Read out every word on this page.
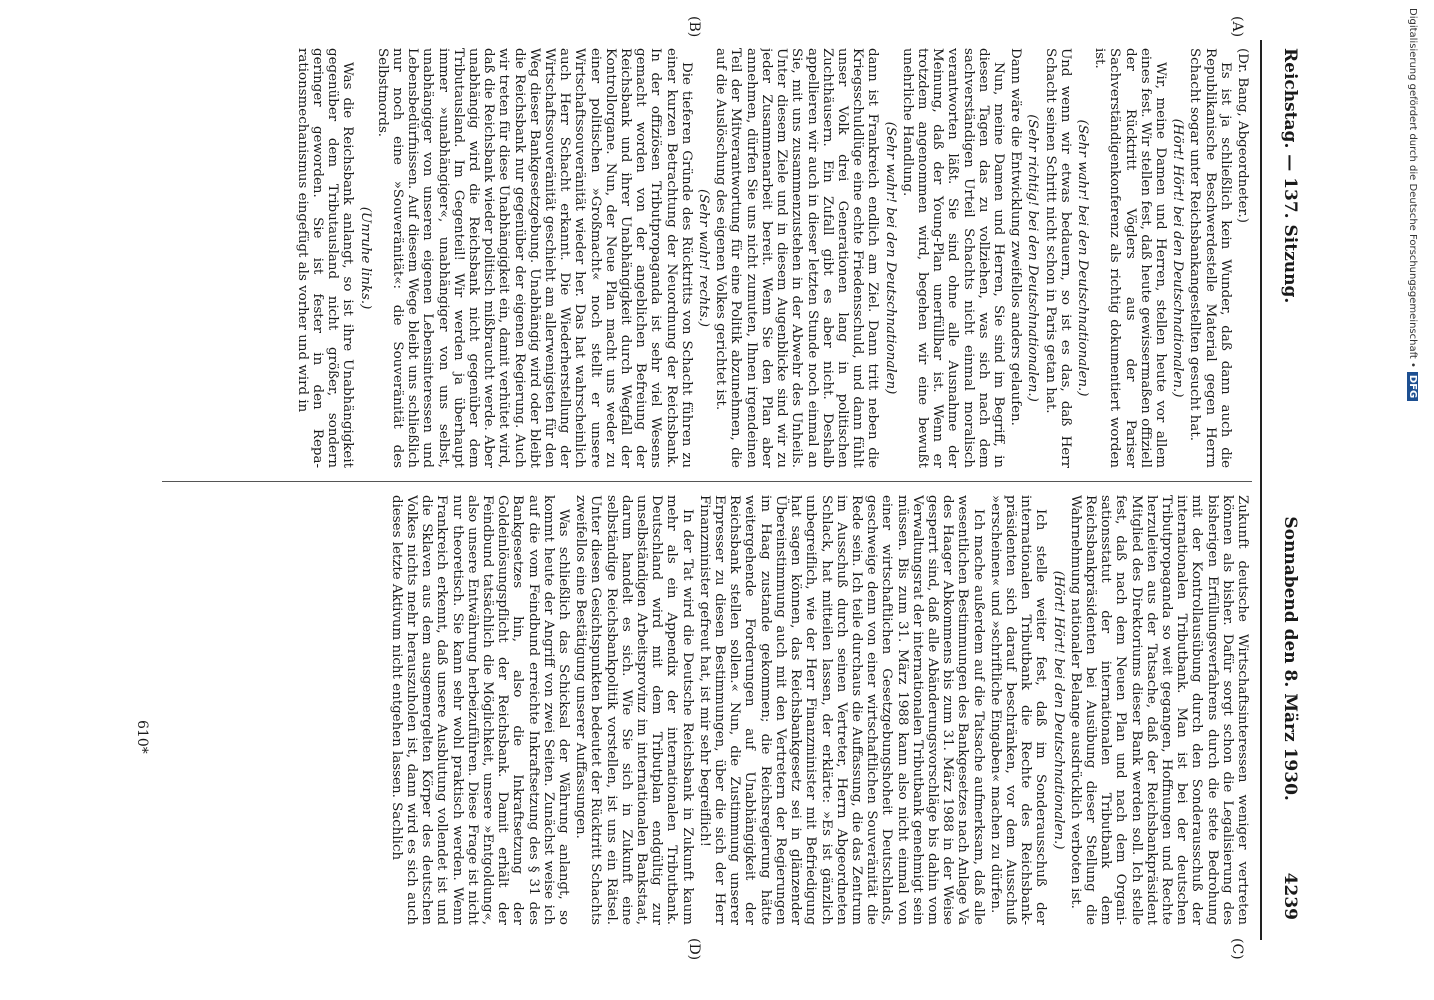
Reichstag. — 137. Sitzung.
Sonnabend den 8. März 1930.  4239
(A)
(B)
(C)
(D)

(Dr. Bang, Abgeordneter.)

Es ist ja schließlich kein Wunder, daß dann auch die Republikanische Beschwerdestelle Material gegen Herrn Schacht sogar unter Reichsbankangestellten gesucht hat.

(Hört! Hört! bei den Deutschnationalen.)

Wir, meine Damen und Herren, stellen heute vor allem eines fest. Wir stellen fest, daß heute gewissermaßen offiziell der Rücktritt Vöglers aus der Pariser Sachverständigenkonferenz als richtig dokumentiert worden ist.

(Sehr wahr! bei den Deutschnationalen.)

Und wenn wir etwas bedauern, so ist es das, daß Herr Schacht seinen Schritt nicht schon in Paris getan hat.

(Sehr richtig! bei den Deutschnationalen.)

Dann wäre die Entwicklung zweifellos anders gelaufen.

Nun, meine Damen und Herren, Sie sind im Begriff, in diesen Tagen das zu vollziehen, was sich nach dem sachverständigen Urteil Schachts nicht einmal moralisch verantworten läßt. Sie sind ohne alle Ausnahme der Meinung, daß der Young-Plan unerfüllbar ist. Wenn er trotzdem angenommen wird, begehen wir eine bewußt unehrliche Handlung.

(Sehr wahr! bei den Deutschnationalen)

dann ist Frankreich endlich am Ziel. Dann tritt neben die Kriegsschuldlüge eine echte Friedensschuld, und dann fühlt unser Volk drei Generationen lang in politischen Zuchthäusern. Ein Zufall gibt es aber nicht. Deshalb appellieren wir auch in dieser letzten Stunde noch einmal an Sie, mit uns zusammenzustehen in der Abwehr des Unheils. Unter diesem Ziele und in diesem Augenblicke sind wir zu jeder Zusammenarbeit bereit. Wenn Sie den Plan aber annehmen, dürfen Sie uns nicht zumuten, Ihnen irgendeinen Teil der Mitverantwortung für eine Politik abzunehmen, die auf die Auslöschung des eigenen Volkes gerichtet ist.

(Sehr wahr! rechts.)

Die tieferen Gründe des Rücktritts von Schacht führen zu einer kurzen Betrachtung der Neuordnung der Reichsbank. In der offiziösen Tributpropaganda ist sehr viel Wesens gemacht worden von der angeblichen Befreiung der Reichsbank und ihrer Unabhängigkeit durch Wegfall der Kontrollorgane. Nun, der Neue Plan macht uns weder zu einer politischen »Großmacht« noch stellt er unsere Wirtschaftssouveränität wieder her. Das hat wahrscheinlich auch Herr Schacht erkannt. Die Wiederherstellung der Wirtschaftssouveränität geschieht am allerwenigsten für den Weg dieser Bankgesetzgebung. Unabhängig wird oder bleibt die Reichsbank nur gegenüber der eigenen Regierung. Auch wir treten für diese Unabhängigkeit ein, damit verhütet wird, daß die Reichsbank wieder politisch mißbraucht werde. Aber unabhängig wird die Reichsbank nicht gegenüber dem Tributausland. Im Gegenteil! Wir werden ja überhaupt immer »unabhängiger«, unabhängiger von uns selbst, unabhängiger von unseren eigenen Lebensinteressen und Lebensbedürfnissen. Auf diesem Wege bleibt uns schließlich nur noch eine »Souveränität«: die Souveränität des Selbstmords.

(Unruhe links.)

Was die Reichsbank anlangt, so ist ihre Unabhängigkeit gegenüber dem Tributausland nicht größer, sondern geringer geworden. Sie ist fester in den Reparationsmechanismus eingefügt als vorher und wird in

Zukunft deutsche Wirtschaftsinteressen weniger vertreten können als bisher. Dafür sorgt schon die Legalisierung des bisherigen Erfüllungsverfahrens durch die stete Bedrohung mit der Kontrollausübung durch den Sonderausschuß der internationalen Tributbank. Man ist bei der deutschen Tributpropaganda so weit gegangen, Hoffnungen und Rechte herzuleiten aus der Tatsache, daß der Reichsbankpräsident Mitglied des Direktoriums dieser Bank werden soll. Ich stelle fest, daß nach dem Neuen Plan und nach dem Organisationsstatut der internationalen Tributbank dem Reichsbankpräsidenten bei Ausübung dieser Stellung die Wahrnehmung nationaler Belange ausdrücklich verboten ist.

(Hört! Hört! bei den Deutschnationalen.)

Ich stelle weiter fest, daß im Sonderausschuß der internationalen Tributbank die Rechte des Reichsbankpräsidenten sich darauf beschränken, vor dem Ausschuß »erscheinen« und »schriftliche Eingaben« machen zu dürfen.

Ich mache außerdem auf die Tatsache aufmerksam, daß alle wesentlichen Bestimmungen des Bankgesetzes nach Anlage Va des Haager Abkommens bis zum 31. März 1988 in der Weise gesperrt sind, daß alle Abänderungsvorschläge bis dahin vom Verwaltungsrat der internationalen Tributbank genehmigt sein müssen. Bis zum 31. März 1988 kann also nicht einmal von einer wirtschaftlichen Gesetzgebungshoheit Deutschlands, geschweige denn von einer wirtschaftlichen Souveränität die Rede sein. Ich teile durchaus die Auffassung, die das Zentrum im Ausschuß durch seinen Vertreter, Herrn Abgeordneten Schlack, hat mitteilen lassen, der erklärte: »Es ist gänzlich unbegreiflich, wie der Herr Finanzminister mit Befriedigung hat sagen können, das Reichsbankgesetz sei in glänzender Übereinstimmung auch mit den Vertretern der Regierungen im Haag zustande gekommen; die Reichsregierung hätte weitergehende Forderungen auf Unabhängigkeit der Reichsbank stellen sollen.« Nun, die Zustimmung unserer Erpresser zu diesen Bestimmungen, über die sich der Herr Finanzminister gefreut hat, ist mir sehr begreiflich!

In der Tat wird die Deutsche Reichsbank in Zukunft kaum mehr als ein Appendix der internationalen Tributbank. Deutschland wird mit dem Tributplan endgültig zur unselbständigen Arbeitsprovinz im internationalen Bankstaat, darum handelt es sich. Wie Sie sich in Zukunft eine selbständige Reichsbankpolitik vorstellen, ist uns ein Rätsel. Unter diesen Gesichtspunkten bedeutet der Rücktritt Schachts zweifellos eine Bestätigung unserer Auffassungen.

Was schließlich das Schicksal der Währung anlangt, so kommt heute der Angriff von zwei Seiten. Zunächst weise ich auf die vom Feindbund erreichte Inkraftsetzung des § 31 des Bankgesetzes hin, also die Inkraftsetzung der Goldeinlösungspflicht der Reichsbank. Damit erhält der Feindbund tatsächlich die Möglichkeit, unsere »Entgoldung«, also unsere Entwährung herbeizuführen. Diese Frage ist nicht nur theoretisch. Sie kann sehr wohl praktisch werden. Wenn Frankreich erkennt, daß unsere Ausblutung vollendet ist und die Sklaven aus dem ausgemergelten Körper des deutschen Volkes nichts mehr herauszuholen ist, dann wird es sich auch dieses letzte Aktivum nicht entgehen lassen. Sachlich

610*
Digitalisierung gefördert durch die Deutsche Forschungsgemeinschaft •DFG
